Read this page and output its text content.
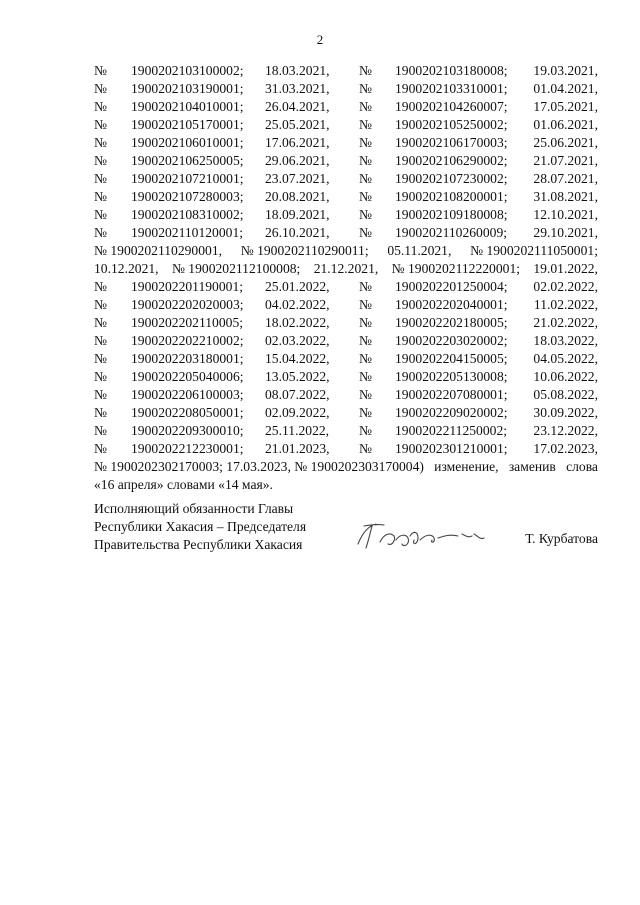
2
№ 1900202103100002; 18.03.2021, № 1900202103180008; 19.03.2021,
№ 1900202103190001; 31.03.2021, № 1900202103310001; 01.04.2021,
№ 1900202104010001; 26.04.2021, № 1900202104260007; 17.05.2021,
№ 1900202105170001; 25.05.2021, № 1900202105250002; 01.06.2021,
№ 1900202106010001; 17.06.2021, № 1900202106170003; 25.06.2021,
№ 1900202106250005; 29.06.2021, № 1900202106290002; 21.07.2021,
№ 1900202107210001; 23.07.2021, № 1900202107230002; 28.07.2021,
№ 1900202107280003; 20.08.2021, № 1900202108200001; 31.08.2021,
№ 1900202108310002; 18.09.2021, № 1900202109180008; 12.10.2021,
№ 1900202110120001; 26.10.2021, № 1900202110260009; 29.10.2021,
№ 1900202110290001, № 1900202110290011; 05.11.2021, № 1900202111050001;
10.12.2021, № 1900202112100008; 21.12.2021, № 1900202112220001; 19.01.2022,
№ 1900202201190001; 25.01.2022, № 1900202201250004; 02.02.2022,
№ 1900202202020003; 04.02.2022, № 1900202202040001; 11.02.2022,
№ 1900202202110005; 18.02.2022, № 1900202202180005; 21.02.2022,
№ 1900202202210002; 02.03.2022, № 1900202203020002; 18.03.2022,
№ 1900202203180001; 15.04.2022, № 1900202204150005; 04.05.2022,
№ 1900202205040006; 13.05.2022, № 1900202205130008; 10.06.2022,
№ 1900202206100003; 08.07.2022, № 1900202207080001; 05.08.2022,
№ 1900202208050001; 02.09.2022, № 1900202209020002; 30.09.2022,
№ 1900202209300010; 25.11.2022, № 1900202211250002; 23.12.2022,
№ 1900202212230001; 21.01.2023, № 1900202301210001; 17.02.2023,
№ 1900202302170003; 17.03.2023, № 1900202303170004) изменение, заменив слова
«16 апреля» словами «14 мая».
Исполняющий обязанности Главы
Республики Хакасия – Председателя
Правительства Республики Хакасия	Т. Курбатова
